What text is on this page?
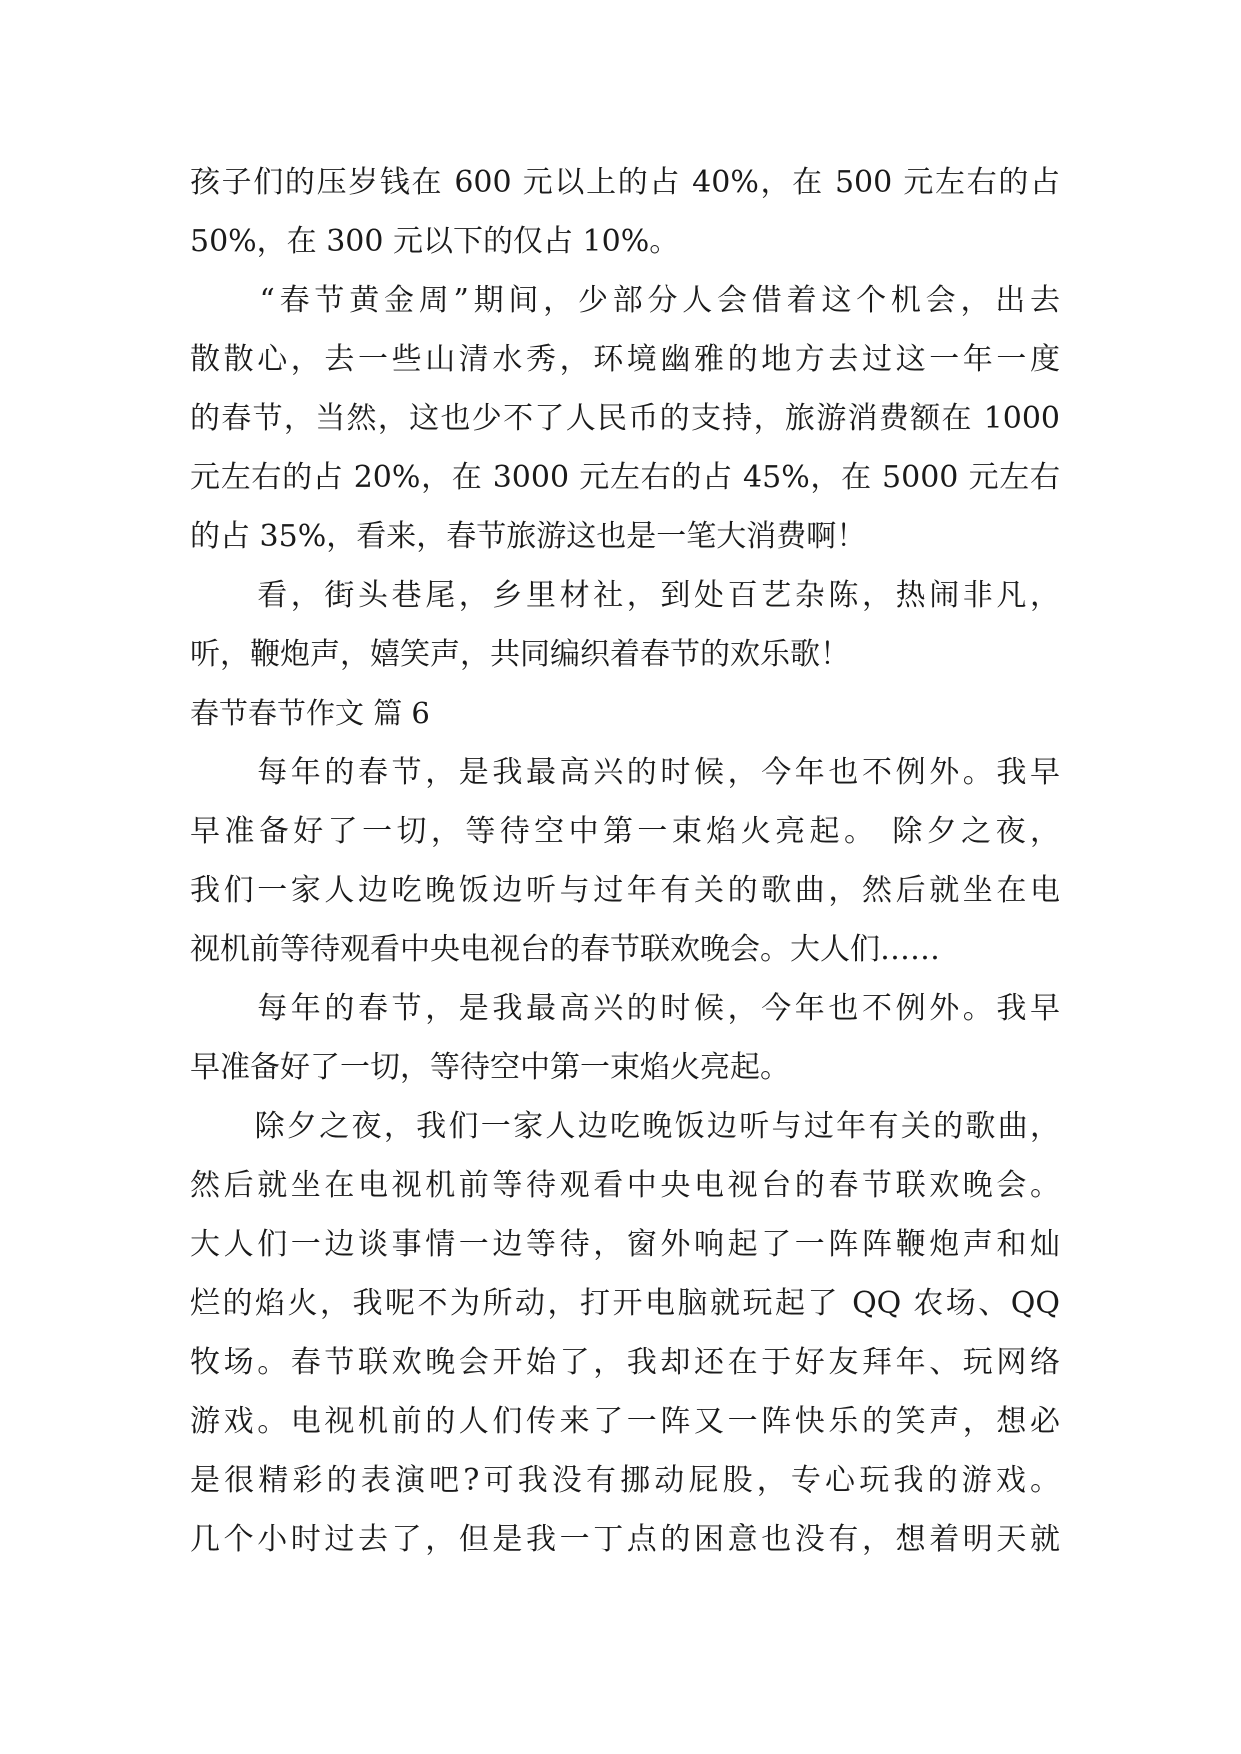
孩子们的压岁钱在 600 元以上的占 40%，在 500 元左右的占
50%，在 300 元以下的仅占 10%。
　　“春节黄金周”期间，少部分人会借着这个机会，出去
散散心，去一些山清水秀，环境幽雅的地方去过这一年一度
的春节，当然，这也少不了人民币的支持，旅游消费额在 1000
元左右的占 20%，在 3000 元左右的占 45%，在 5000 元左右
的占 35%，看来，春节旅游这也是一笔大消费啊！
　　看，街头巷尾，乡里材社，到处百艺杂陈，热闹非凡，
听，鞭炮声，嬉笑声，共同编织着春节的欢乐歌！
春节春节作文 篇 6
　　每年的春节，是我最高兴的时候，今年也不例外。我早
早准备好了一切，等待空中第一束焰火亮起。 除夕之夜，
我们一家人边吃晚饭边听与过年有关的歌曲，然后就坐在电
视机前等待观看中央电视台的春节联欢晚会。大人们……
　　每年的春节，是我最高兴的时候，今年也不例外。我早
早准备好了一切，等待空中第一束焰火亮起。
　　除夕之夜，我们一家人边吃晚饭边听与过年有关的歌曲，
然后就坐在电视机前等待观看中央电视台的春节联欢晚会。
大人们一边谈事情一边等待，窗外响起了一阵阵鞭炮声和灿
烂的焰火，我呢不为所动，打开电脑就玩起了 QQ 农场、QQ
牧场。春节联欢晚会开始了，我却还在于好友拜年、玩网络
游戏。电视机前的人们传来了一阵又一阵快乐的笑声，想必
是很精彩的表演吧?可我没有挪动屁股，专心玩我的游戏。
几个小时过去了，但是我一丁点的困意也没有，想着明天就
